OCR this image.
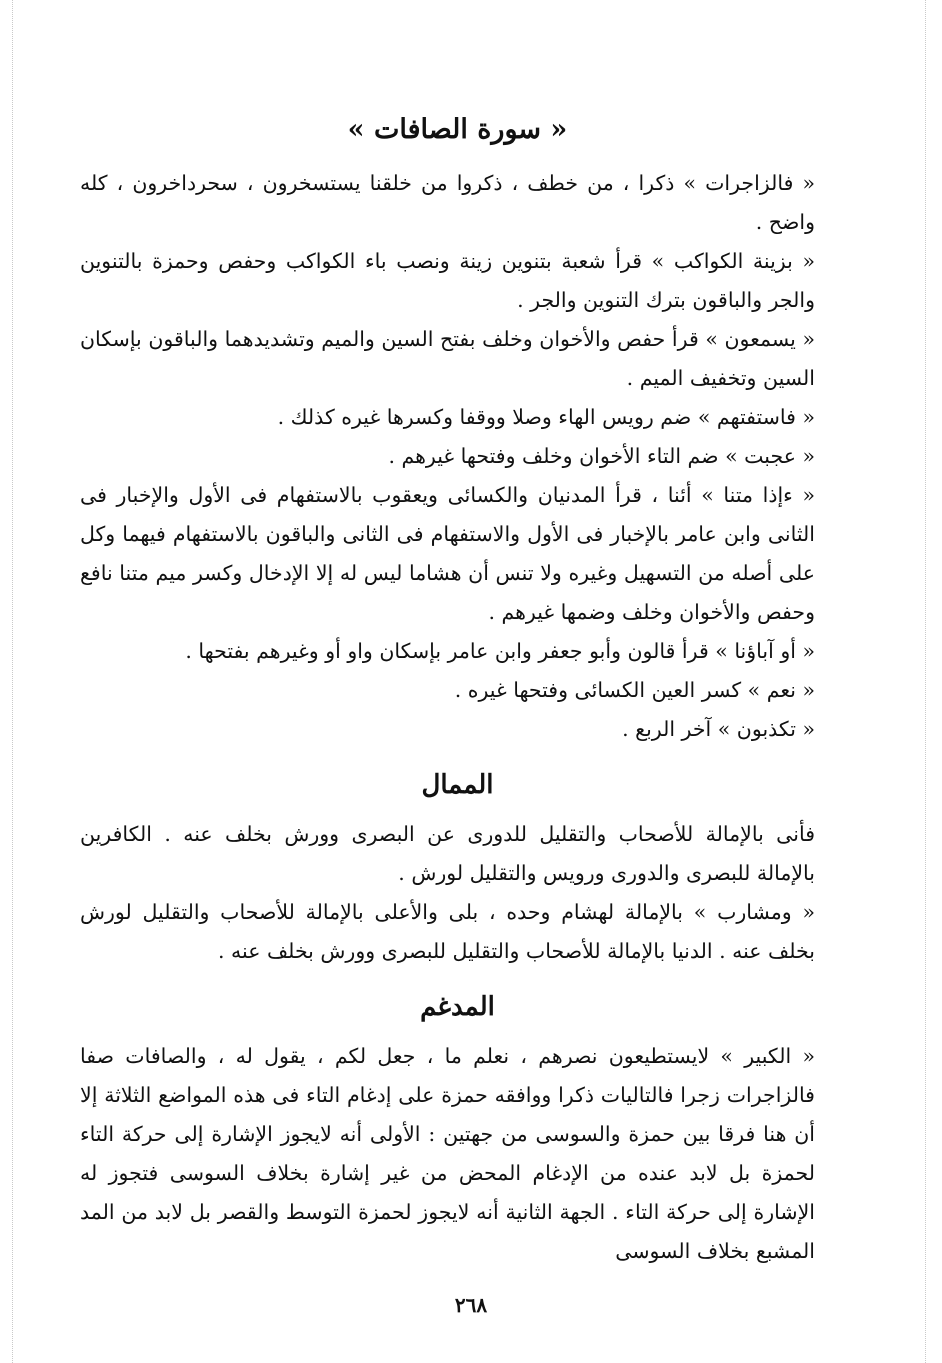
« سورة الصافات »

« فالزاجرات » ذكرا ، من خطف ، ذكروا من خلقنا يستسخرون ، سحرداخرون ، كله واضح .

« بزينة الكواكب » قرأ شعبة بتنوين زينة ونصب باء الكواكب وحفص وحمزة بالتنوين والجر والباقون بترك التنوين والجر .

« يسمعون » قرأ حفص والأخوان وخلف بفتح السين والميم وتشديدهما والباقون بإسكان السين وتخفيف الميم .

« فاستفتهم » ضم رويس الهاء وصلا ووقفا وكسرها غيره كذلك .

« عجبت » ضم التاء الأخوان وخلف وفتحها غيرهم .

« ءإذا متنا » أئنا ، قرأ المدنيان والكسائى ويعقوب بالاستفهام فى الأول والإخبار فى الثانى وابن عامر بالإخبار فى الأول والاستفهام فى الثانى والباقون بالاستفهام فيهما وكل على أصله من التسهيل وغيره ولا تنس أن هشاما ليس له إلا الإدخال وكسر ميم متنا نافع وحفص والأخوان وخلف وضمها غيرهم .

« أو آباؤنا » قرأ قالون وأبو جعفر وابن عامر بإسكان واو أو وغيرهم بفتحها .

« نعم » كسر العين الكسائى وفتحها غيره .

« تكذبون » آخر الربع .

الممال

فأنى بالإمالة للأصحاب والتقليل للدورى عن البصرى وورش بخلف عنه . الكافرين بالإمالة للبصرى والدورى ورويس والتقليل لورش .

« ومشارب » بالإمالة لهشام وحده ، بلى والأعلى بالإمالة للأصحاب والتقليل لورش بخلف عنه . الدنيا بالإمالة للأصحاب والتقليل للبصرى وورش بخلف عنه .

المدغم

« الكبير » لايستطيعون نصرهم ، نعلم ما ، جعل لكم ، يقول له ، والصافات صفا فالزاجرات زجرا فالتاليات ذكرا ووافقه حمزة على إدغام التاء فى هذه المواضع الثلاثة إلا أن هنا فرقا بين حمزة والسوسى من جهتين : الأولى أنه لايجوز الإشارة إلى حركة التاء لحمزة بل لابد عنده من الإدغام المحض من غير إشارة بخلاف السوسى فتجوز له الإشارة إلى حركة التاء . الجهة الثانية أنه لايجوز لحمزة التوسط والقصر بل لابد من المد المشبع بخلاف السوسى

٢٦٨
